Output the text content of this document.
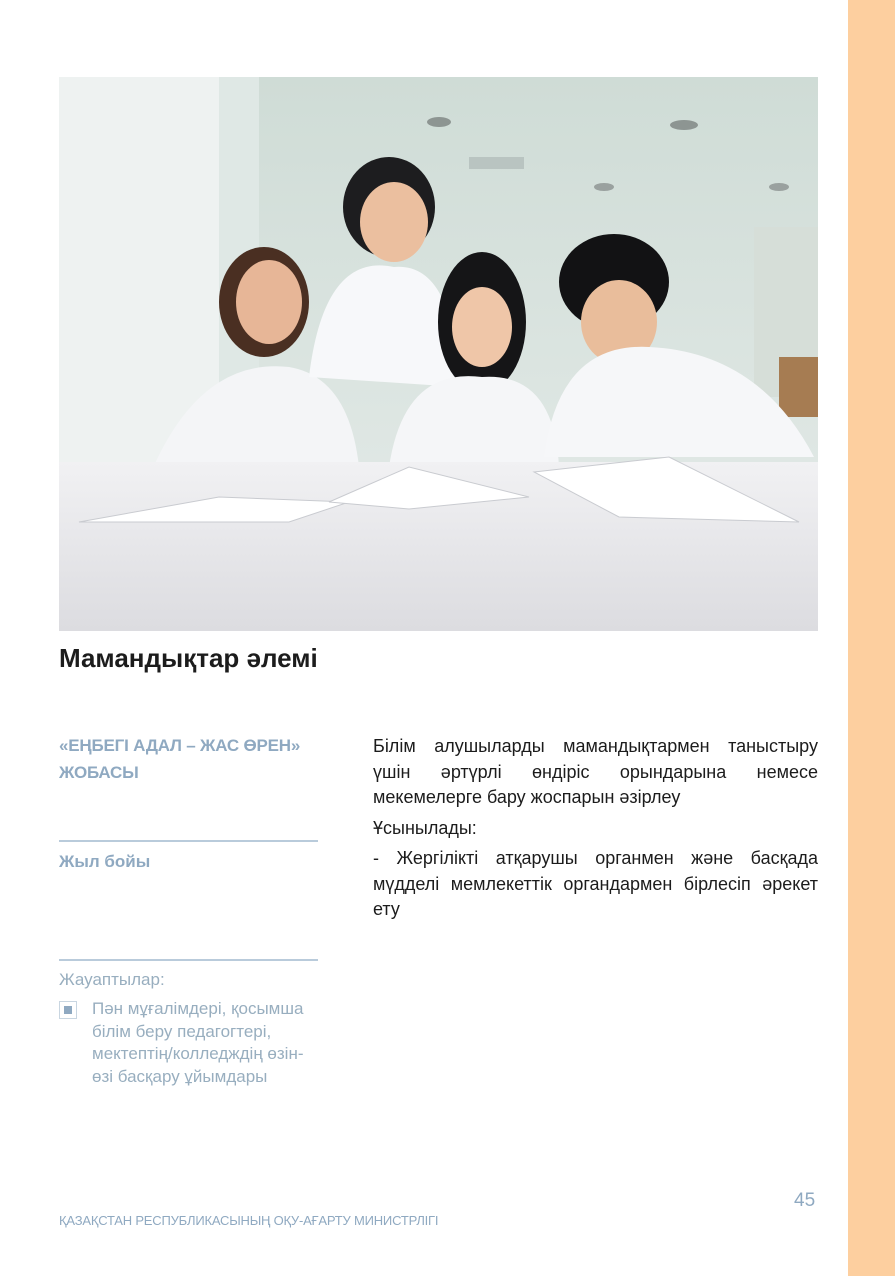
Мамандықтар әлемі

«ЕҢБЕГІ АДАЛ – ЖАС ӨРЕН» ЖОБАСЫ

Жыл бойы

Жауаптылар:

Пән мұғалімдері, қосымша білім беру педагогтері, мектептің/колледждің өзін-өзі басқару ұйымдары

Білім алушыларды мамандықтармен таныстыру үшін әртүрлі өндіріс орындарына немесе мекемелерге бару жоспарын әзірлеу

Ұсынылады:

- Жергілікті атқарушы органмен және басқада мүдделі мемлекеттік органдармен бірлесіп әрекет ету

45

ҚАЗАҚСТАН РЕСПУБЛИКАСЫНЫҢ ОҚУ-АҒАРТУ МИНИСТРЛІГІ
